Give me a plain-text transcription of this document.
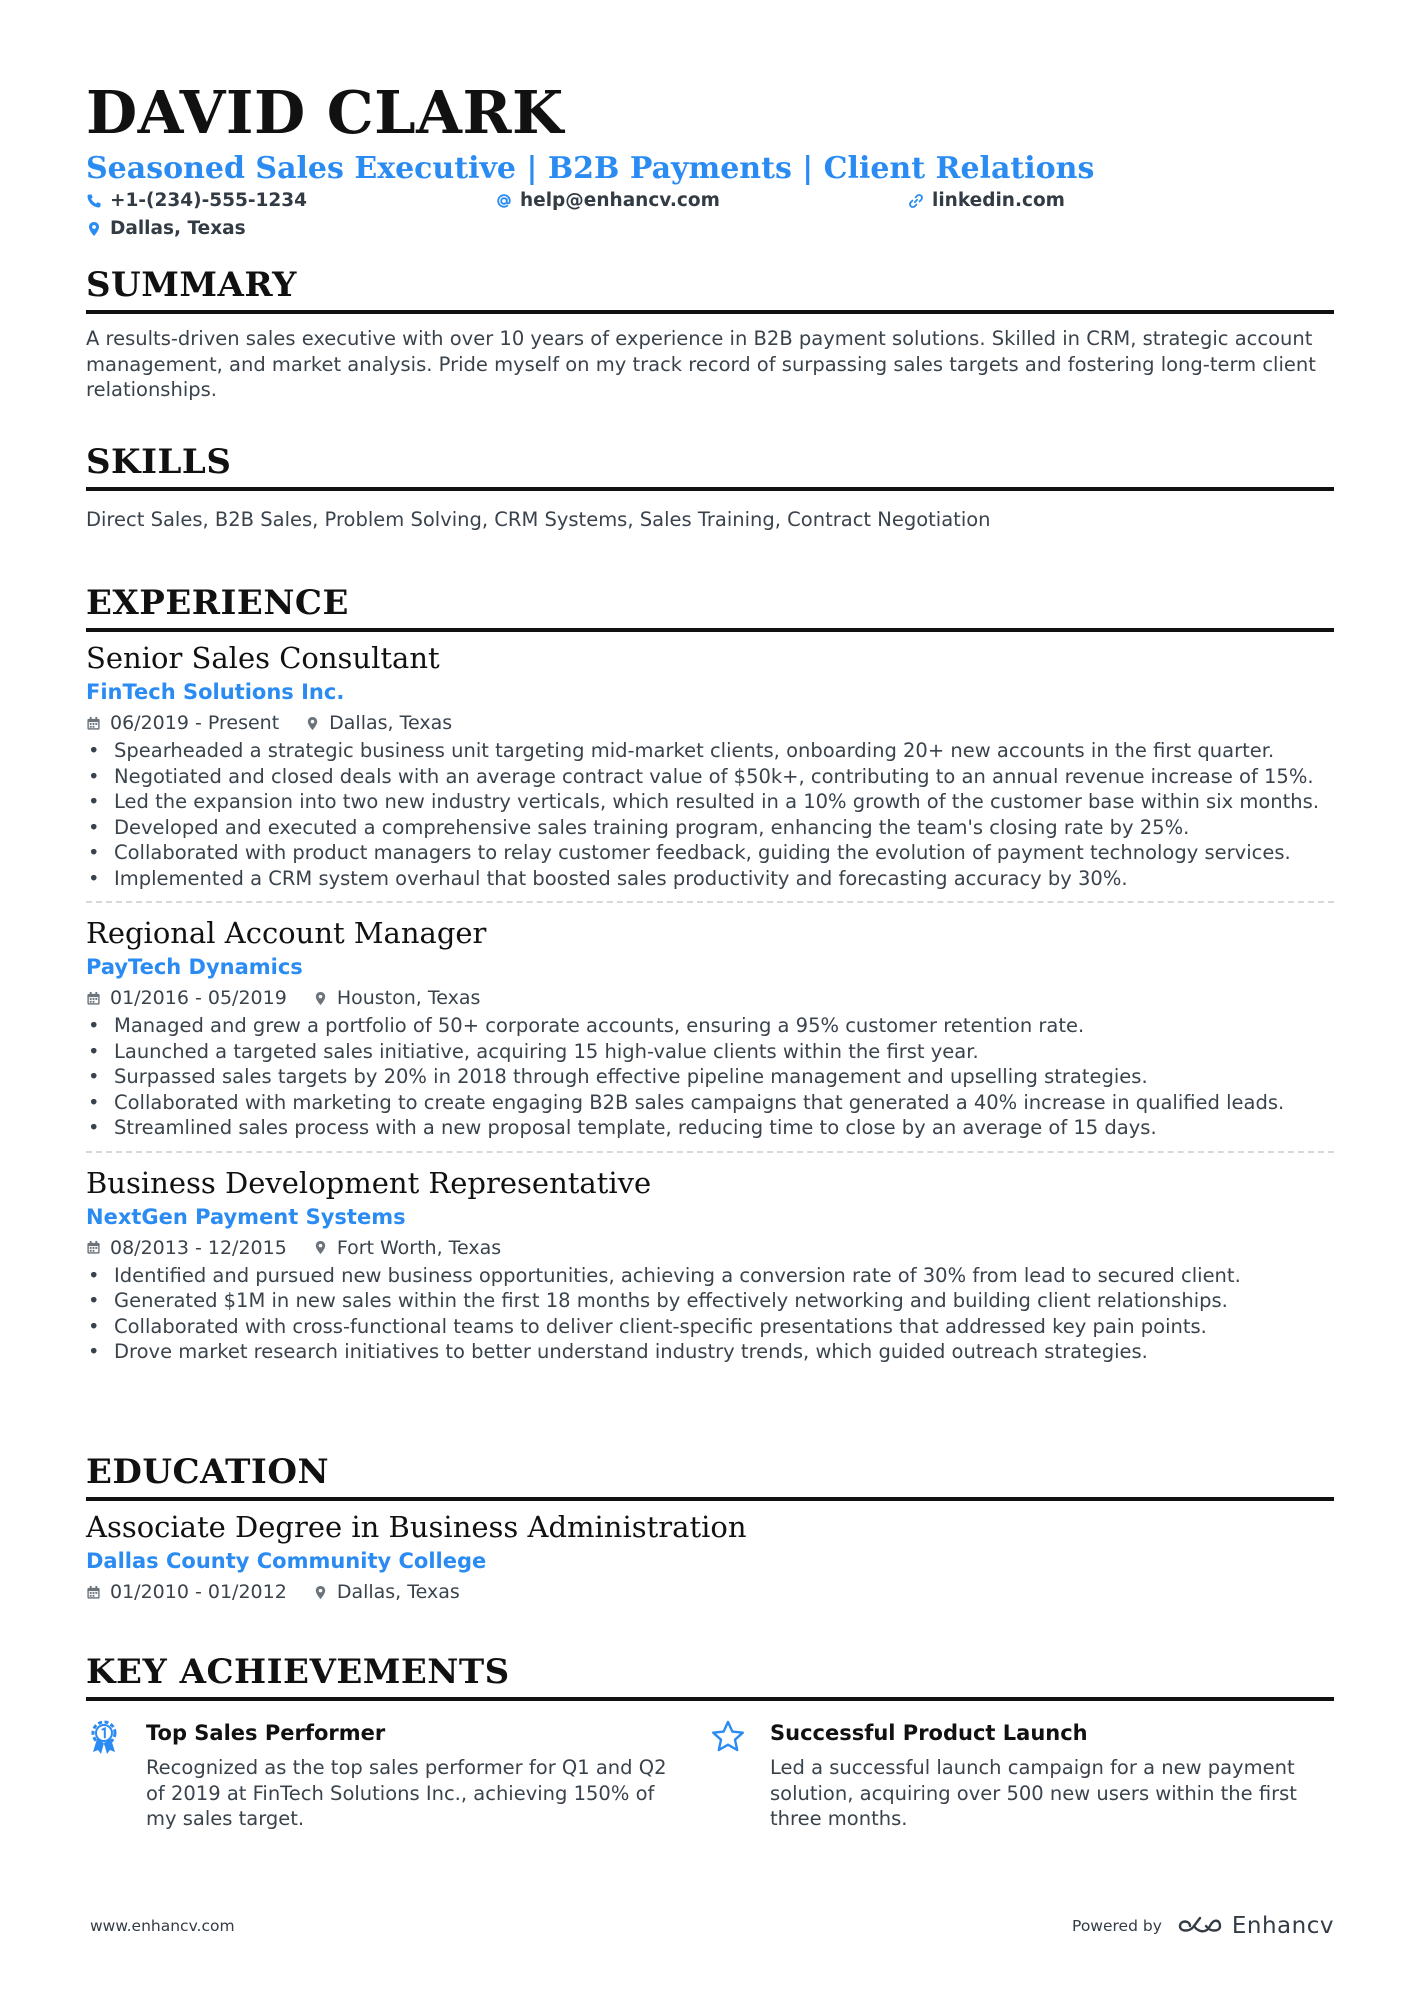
DAVID CLARK
Seasoned Sales Executive | B2B Payments | Client Relations
+1-(234)-555-1234	help@enhancv.com	linkedin.com
Dallas, Texas
SUMMARY
A results-driven sales executive with over 10 years of experience in B2B payment solutions. Skilled in CRM, strategic account management, and market analysis. Pride myself on my track record of surpassing sales targets and fostering long-term client relationships.
SKILLS
Direct Sales, B2B Sales, Problem Solving, CRM Systems, Sales Training, Contract Negotiation
EXPERIENCE
Senior Sales Consultant
FinTech Solutions Inc.
06/2019 - Present	Dallas, Texas
• Spearheaded a strategic business unit targeting mid-market clients, onboarding 20+ new accounts in the first quarter.
• Negotiated and closed deals with an average contract value of $50k+, contributing to an annual revenue increase of 15%.
• Led the expansion into two new industry verticals, which resulted in a 10% growth of the customer base within six months.
• Developed and executed a comprehensive sales training program, enhancing the team's closing rate by 25%.
• Collaborated with product managers to relay customer feedback, guiding the evolution of payment technology services.
• Implemented a CRM system overhaul that boosted sales productivity and forecasting accuracy by 30%.
Regional Account Manager
PayTech Dynamics
01/2016 - 05/2019	Houston, Texas
• Managed and grew a portfolio of 50+ corporate accounts, ensuring a 95% customer retention rate.
• Launched a targeted sales initiative, acquiring 15 high-value clients within the first year.
• Surpassed sales targets by 20% in 2018 through effective pipeline management and upselling strategies.
• Collaborated with marketing to create engaging B2B sales campaigns that generated a 40% increase in qualified leads.
• Streamlined sales process with a new proposal template, reducing time to close by an average of 15 days.
Business Development Representative
NextGen Payment Systems
08/2013 - 12/2015	Fort Worth, Texas
• Identified and pursued new business opportunities, achieving a conversion rate of 30% from lead to secured client.
• Generated $1M in new sales within the first 18 months by effectively networking and building client relationships.
• Collaborated with cross-functional teams to deliver client-specific presentations that addressed key pain points.
• Drove market research initiatives to better understand industry trends, which guided outreach strategies.
EDUCATION
Associate Degree in Business Administration
Dallas County Community College
01/2010 - 01/2012	Dallas, Texas
KEY ACHIEVEMENTS
Top Sales Performer
Recognized as the top sales performer for Q1 and Q2 of 2019 at FinTech Solutions Inc., achieving 150% of my sales target.
Successful Product Launch
Led a successful launch campaign for a new payment solution, acquiring over 500 new users within the first three months.
www.enhancv.com	Powered by	Enhancv
